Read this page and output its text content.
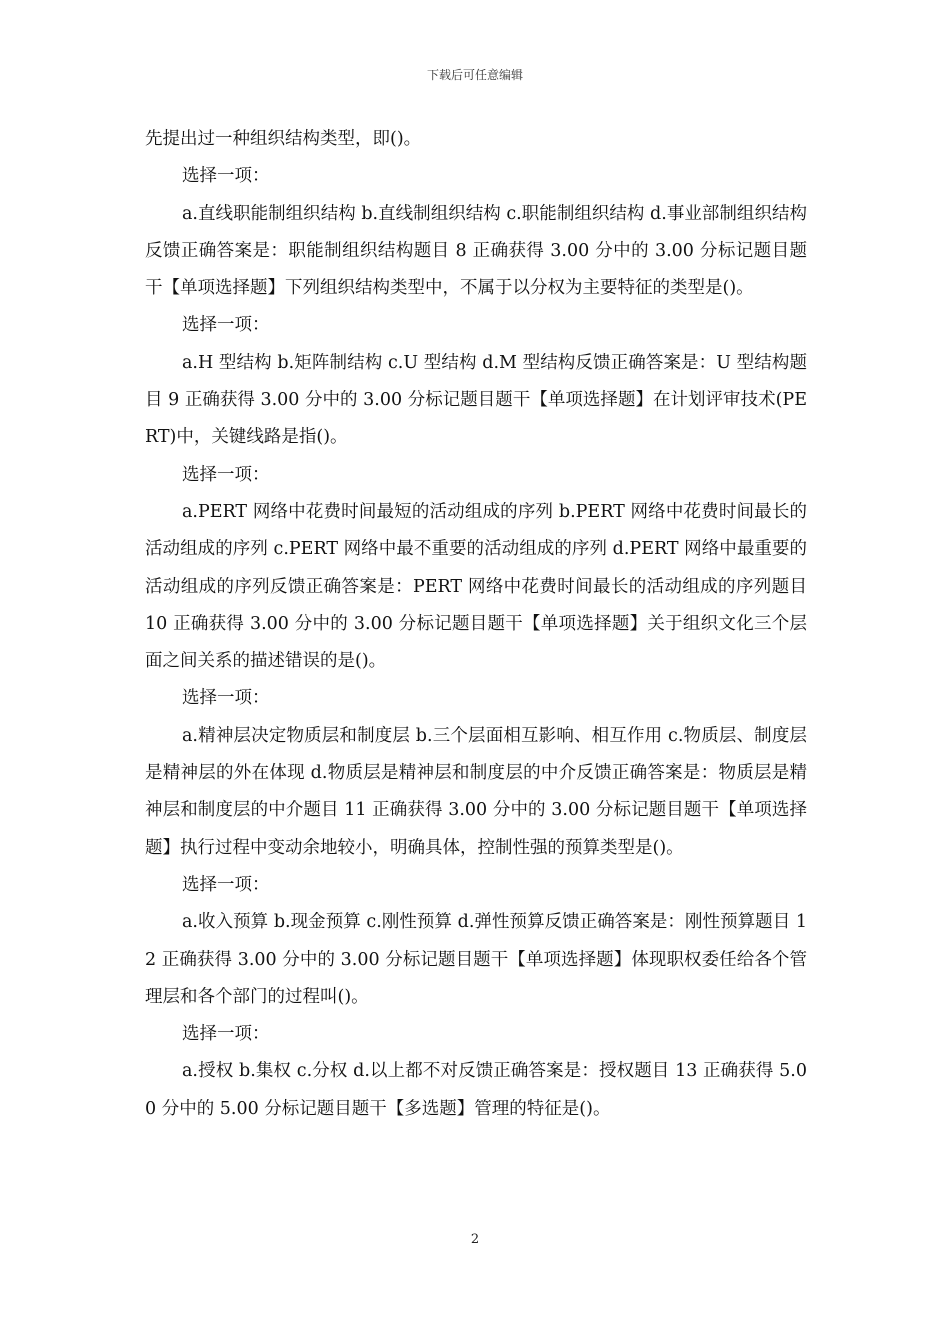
下载后可任意编辑

先提出过一种组织结构类型，即()。

选择一项：

a.直线职能制组织结构 b.直线制组织结构 c.职能制组织结构 d.事业部制组织结构反馈正确答案是：职能制组织结构题目 8 正确获得 3.00 分中的 3.00 分标记题目题干【单项选择题】下列组织结构类型中，不属于以分权为主要特征的类型是()。

选择一项：

a.H 型结构 b.矩阵制结构 c.U 型结构 d.M 型结构反馈正确答案是：U 型结构题目 9 正确获得 3.00 分中的 3.00 分标记题目题干【单项选择题】在计划评审技术(PERT)中，关键线路是指()。

选择一项：

a.PERT 网络中花费时间最短的活动组成的序列 b.PERT 网络中花费时间最长的活动组成的序列 c.PERT 网络中最不重要的活动组成的序列 d.PERT 网络中最重要的活动组成的序列反馈正确答案是：PERT 网络中花费时间最长的活动组成的序列题目 10 正确获得 3.00 分中的 3.00 分标记题目题干【单项选择题】关于组织文化三个层面之间关系的描述错误的是()。

选择一项：

a.精神层决定物质层和制度层 b.三个层面相互影响、相互作用 c.物质层、制度层是精神层的外在体现 d.物质层是精神层和制度层的中介反馈正确答案是：物质层是精神层和制度层的中介题目 11 正确获得 3.00 分中的 3.00 分标记题目题干【单项选择题】执行过程中变动余地较小，明确具体，控制性强的预算类型是()。

选择一项：

a.收入预算 b.现金预算 c.刚性预算 d.弹性预算反馈正确答案是：刚性预算题目 12 正确获得 3.00 分中的 3.00 分标记题目题干【单项选择题】体现职权委任给各个管理层和各个部门的过程叫()。

选择一项：

a.授权 b.集权 c.分权 d.以上都不对反馈正确答案是：授权题目 13 正确获得 5.00 分中的 5.00 分标记题目题干【多选题】管理的特征是()。

2
